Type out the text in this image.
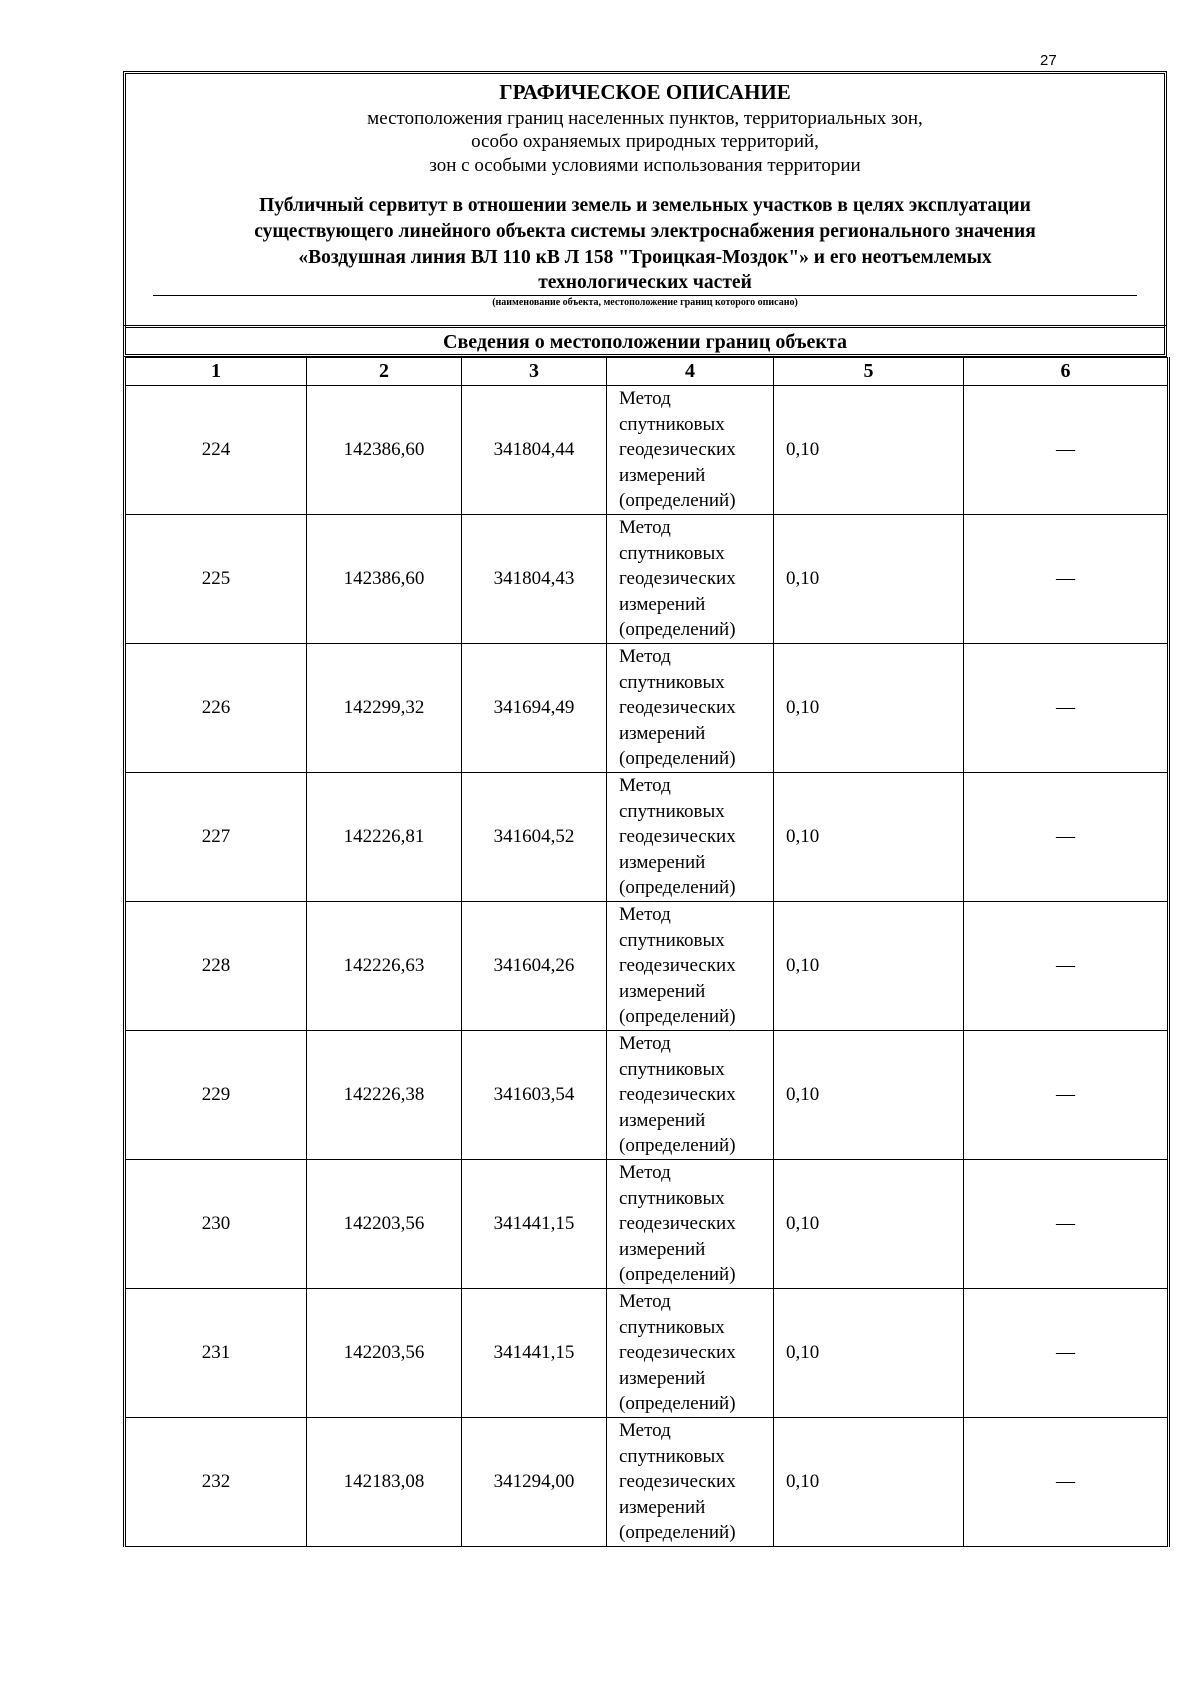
27
ГРАФИЧЕСКОЕ ОПИСАНИЕ
местоположения границ населенных пунктов, территориальных зон,
особо охраняемых природных территорий,
зон с особыми условиями использования территории
Публичный сервитут в отношении земель и земельных участков в целях эксплуатации
существующего линейного объекта системы электроснабжения регионального значения
«Воздушная линия ВЛ 110 кВ Л 158 "Троицкая-Моздок"» и его неотъемлемых
технологических частей
(наименование объекта, местоположение границ которого описано)
Сведения о местоположении границ объекта
1	2	3	4	5	6
224	142386,60	341804,44	Метод
спутниковых
геодезических
измерений
(определений)	0,10	—
225	142386,60	341804,43	Метод
спутниковых
геодезических
измерений
(определений)	0,10	—
226	142299,32	341694,49	Метод
спутниковых
геодезических
измерений
(определений)	0,10	—
227	142226,81	341604,52	Метод
спутниковых
геодезических
измерений
(определений)	0,10	—
228	142226,63	341604,26	Метод
спутниковых
геодезических
измерений
(определений)	0,10	—
229	142226,38	341603,54	Метод
спутниковых
геодезических
измерений
(определений)	0,10	—
230	142203,56	341441,15	Метод
спутниковых
геодезических
измерений
(определений)	0,10	—
231	142203,56	341441,15	Метод
спутниковых
геодезических
измерений
(определений)	0,10	—
232	142183,08	341294,00	Метод
спутниковых
геодезических
измерений
(определений)	0,10	—
